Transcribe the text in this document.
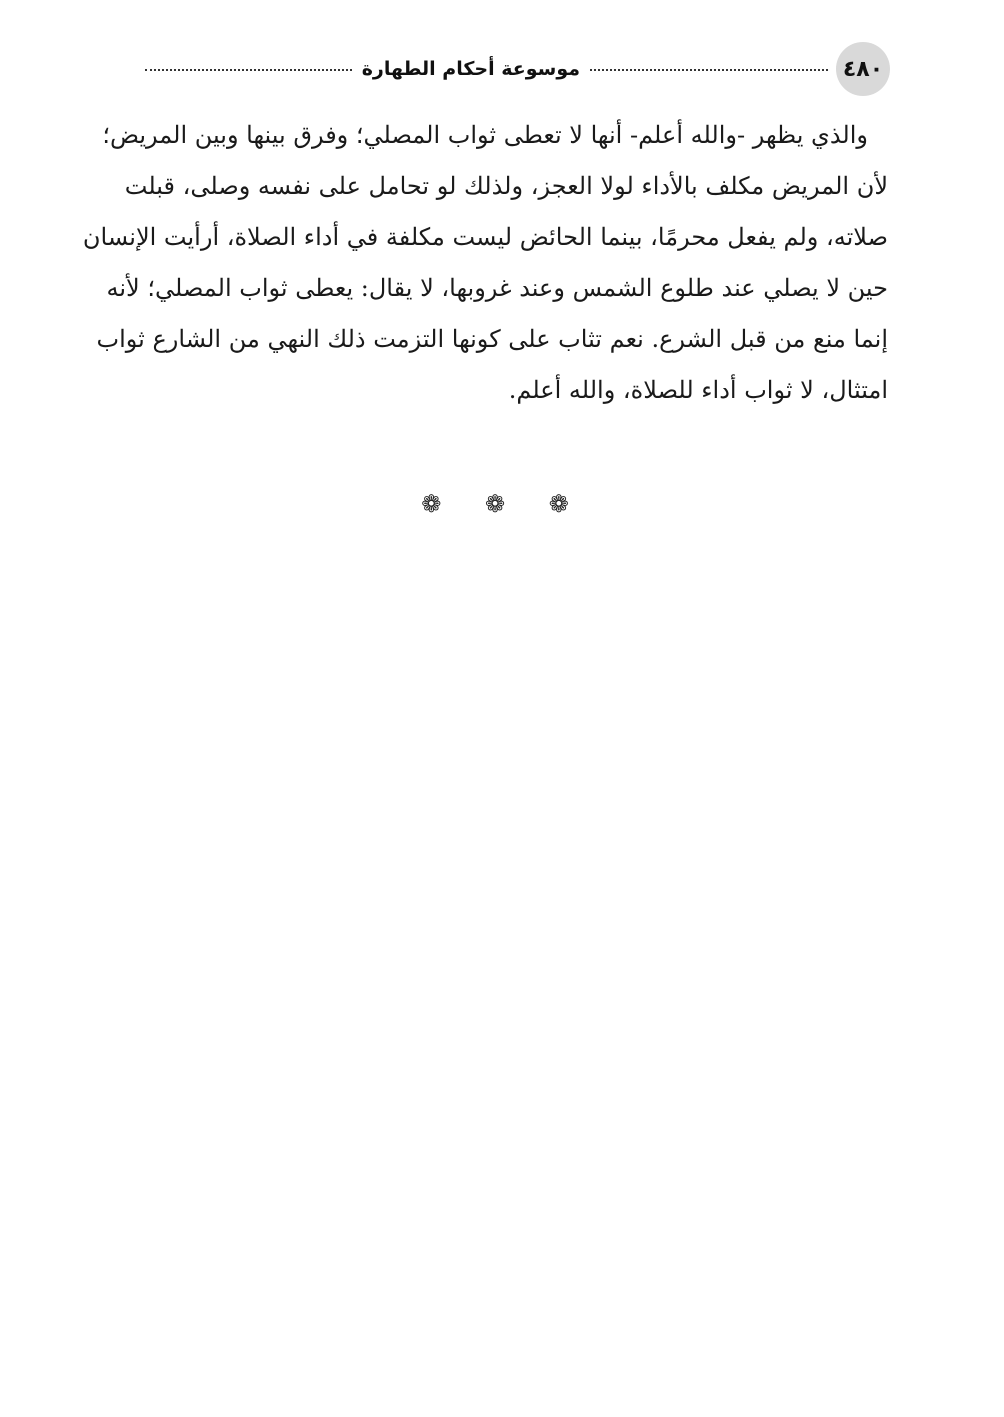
موسوعة أحكام الطهارة	٤٨٠
والذي يظهر -والله أعلم- أنها لا تعطى ثواب المصلي؛ وفرق بينها وبين المريض؛
لأن المريض مكلف بالأداء لولا العجز، ولذلك لو تحامل على نفسه وصلى، قبلت
صلاته، ولم يفعل محرمًا، بينما الحائض ليست مكلفة في أداء الصلاة، أرأيت الإنسان
حين لا يصلي عند طلوع الشمس وعند غروبها، لا يقال: يعطى ثواب المصلي؛ لأنه
إنما منع من قبل الشرع. نعم تثاب على كونها التزمت ذلك النهي من الشارع ثواب
امتثال، لا ثواب أداء للصلاة، والله أعلم.
❁ ❁ ❁
